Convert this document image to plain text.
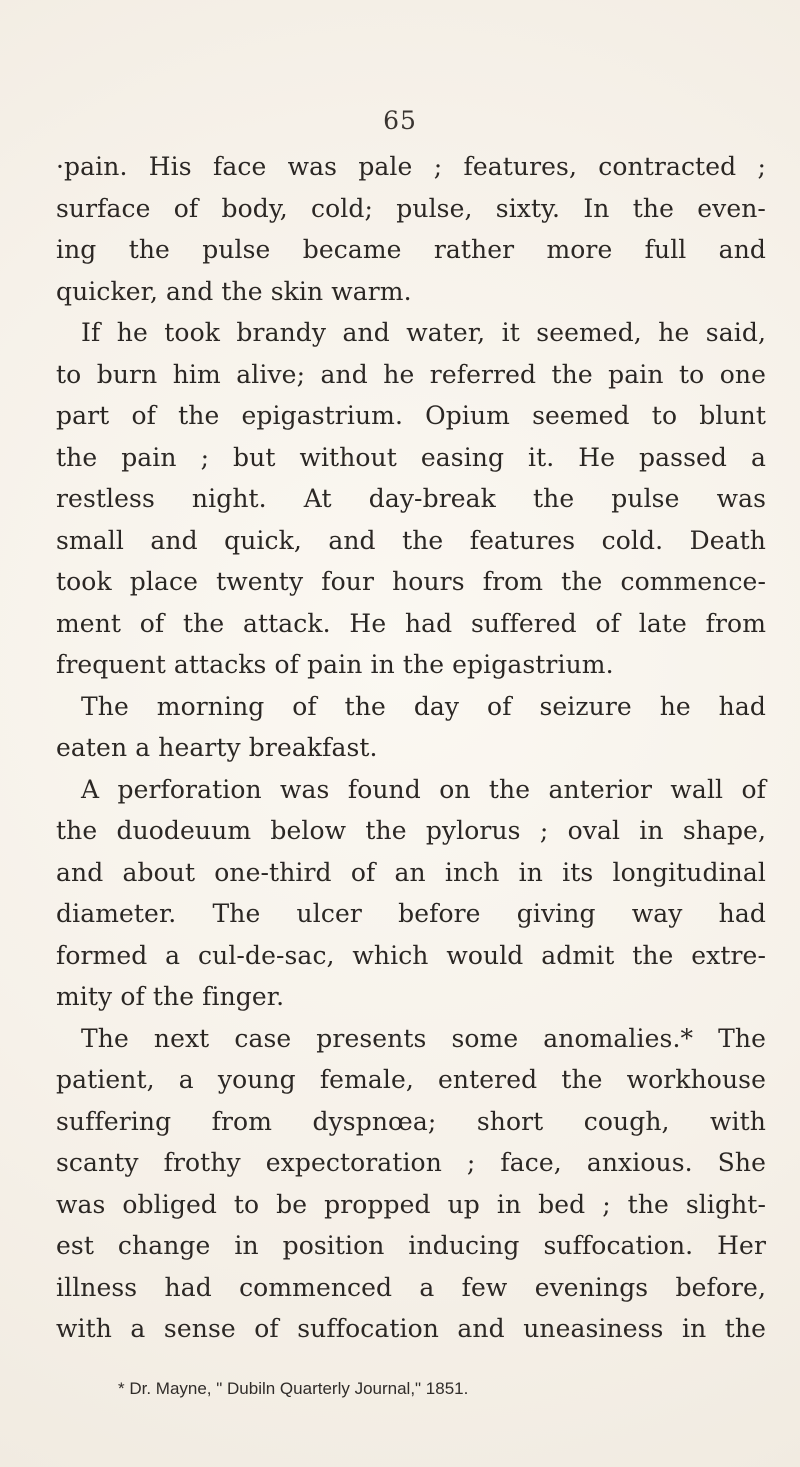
65
·pain. His face was pale ; features, contracted ;
surface of body, cold; pulse, sixty. In the even-
ing the pulse became rather more full and
quicker, and the skin warm.
If he took brandy and water, it seemed, he said,
to burn him alive; and he referred the pain to one
part of the epigastrium. Opium seemed to blunt
the pain ; but without easing it. He passed a
restless night. At day-break the pulse was
small and quick, and the features cold. Death
took place twenty four hours from the commence-
ment of the attack. He had suffered of late from
frequent attacks of pain in the epigastrium.
The morning of the day of seizure he had
eaten a hearty breakfast.
A perforation was found on the anterior wall of
the duodeuum below the pylorus ; oval in shape,
and about one-third of an inch in its longitudinal
diameter. The ulcer before giving way had
formed a cul-de-sac, which would admit the extre-
mity of the finger.
The next case presents some anomalies.* The
patient, a young female, entered the workhouse
suffering from dyspnœa; short cough, with
scanty frothy expectoration ; face, anxious. She
was obliged to be propped up in bed ; the slight-
est change in position inducing suffocation. Her
illness had commenced a few evenings before,
with a sense of suffocation and uneasiness in the
* Dr. Mayne, " Dubiln Quarterly Journal," 1851.
